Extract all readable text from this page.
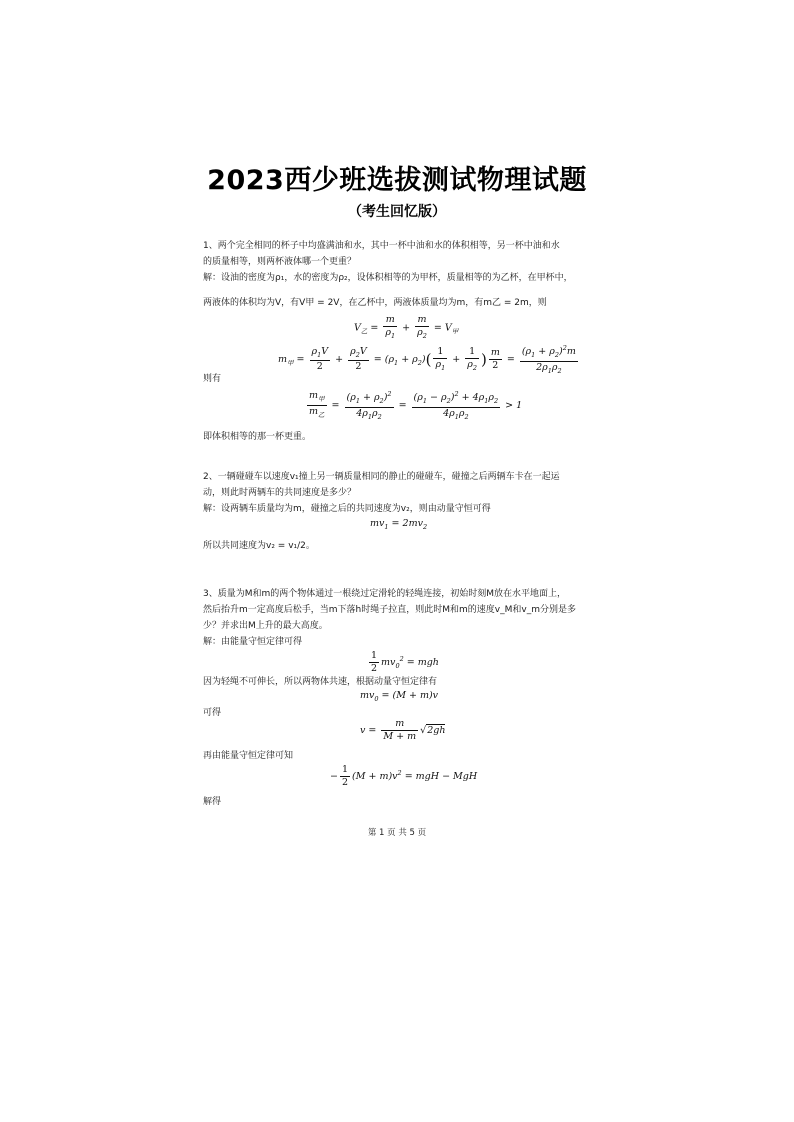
2023西少班选拔测试物理试题
（考生回忆版）

1、两个完全相同的杯子中均盛满油和水，其中一杯中油和水的体积相等，另一杯中油和水

的质量相等，则两杯液体哪一个更重？

解：设油的密度为ρ₁，水的密度为ρ₂，设体积相等的为甲杯，质量相等的为乙杯，在甲杯中，

两液体的体积均为V，有V甲 = 2V，在乙杯中，两液体质量均为m，有m乙 = 2m，则

$V_乙 = \frac{m}{\rho_1} + \frac{m}{\rho_2} = V_甲$
$m_甲 = \frac{\rho_1V}{2} + \frac{\rho_2V}{2} = (\rho_1 + \rho_2)( \frac{1}{\rho_1} + \frac{1}{\rho_2}$ ) $\frac{m}{2} = \frac{(\rho_1 + \rho_2)^2m}{2\rho_1\rho_2}$

则有

$\frac{m_甲}{m_乙} = \frac{(\rho_1 + \rho_2)^2}{4\rho_1\rho_2} = \frac{(\rho_1 - \rho_2)^2 + 4\rho_1\rho_2}{4\rho_1\rho_2} > 1$

即体积相等的那一杯更重。

2、一辆碰碰车以速度v₁撞上另一辆质量相同的静止的碰碰车，碰撞之后两辆车卡在一起运

动，则此时两辆车的共同速度是多少？

解：设两辆车质量均为m，碰撞之后的共同速度为v₂，则由动量守恒可得

$mv_1 = 2mv_2$

所以共同速度为v₂ = v₁/2。

3、质量为M和m的两个物体通过一根绕过定滑轮的轻绳连接，初始时刻M放在水平地面上，

然后抬升m一定高度后松手，当m下落h时绳子拉直，则此时M和m的速度v_M和v_m分别是多

少？并求出M上升的最大高度。

解：由能量守恒定律可得

$\frac{1}{2} mv_0^2$ = mgh

因为轻绳不可伸长，所以两物体共速，根据动量守恒定律有

$mv_0 = (M + m)v$

可得

$v = \frac{m}{M + m} √2gh$

再由能量守恒定律可知

− $\frac{1}{2} (M + m)v^2$ = mgH − MgH

解得

第 1 页 共 5 页
